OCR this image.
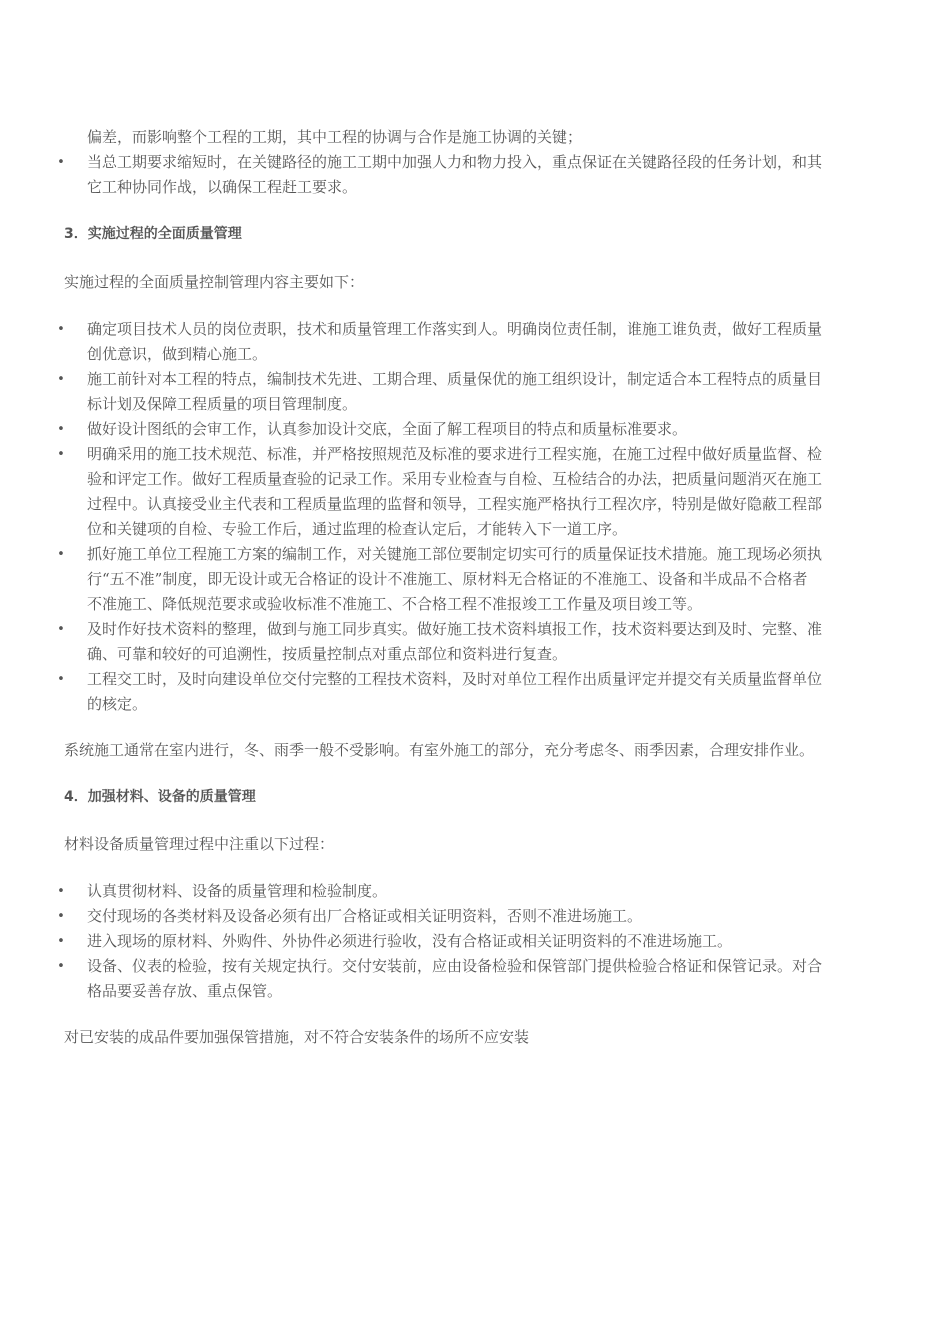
偏差，而影响整个工程的工期，其中工程的协调与合作是施工协调的关键；
• 当总工期要求缩短时，在关键路径的施工工期中加强人力和物力投入，重点保证在关键路径段的任务计划，和其
它工种协同作战，以确保工程赶工要求。
3．实施过程的全面质量管理
实施过程的全面质量控制管理内容主要如下：
• 确定项目技术人员的岗位责职，技术和质量管理工作落实到人。明确岗位责任制，谁施工谁负责，做好工程质量
创优意识，做到精心施工。
• 施工前针对本工程的特点，编制技术先进、工期合理、质量保优的施工组织设计，制定适合本工程特点的质量目
标计划及保障工程质量的项目管理制度。
• 做好设计图纸的会审工作，认真参加设计交底，全面了解工程项目的特点和质量标准要求。
• 明确采用的施工技术规范、标准，并严格按照规范及标准的要求进行工程实施，在施工过程中做好质量监督、检
验和评定工作。做好工程质量查验的记录工作。采用专业检查与自检、互检结合的办法，把质量问题消灭在施工
过程中。认真接受业主代表和工程质量监理的监督和领导，工程实施严格执行工程次序，特别是做好隐蔽工程部
位和关键项的自检、专验工作后，通过监理的检查认定后，才能转入下一道工序。
• 抓好施工单位工程施工方案的编制工作，对关键施工部位要制定切实可行的质量保证技术措施。施工现场必须执
行“五不准”制度，即无设计或无合格证的设计不准施工、原材料无合格证的不准施工、设备和半成品不合格者
不准施工、降低规范要求或验收标准不准施工、不合格工程不准报竣工工作量及项目竣工等。
• 及时作好技术资料的整理，做到与施工同步真实。做好施工技术资料填报工作，技术资料要达到及时、完整、准
确、可靠和较好的可追溯性，按质量控制点对重点部位和资料进行复查。
• 工程交工时，及时向建设单位交付完整的工程技术资料，及时对单位工程作出质量评定并提交有关质量监督单位
的核定。
系统施工通常在室内进行，冬、雨季一般不受影响。有室外施工的部分，充分考虑冬、雨季因素，合理安排作业。
4．加强材料、设备的质量管理
材料设备质量管理过程中注重以下过程：
• 认真贯彻材料、设备的质量管理和检验制度。
• 交付现场的各类材料及设备必须有出厂合格证或相关证明资料，否则不准进场施工。
• 进入现场的原材料、外购件、外协件必须进行验收，没有合格证或相关证明资料的不准进场施工。
• 设备、仪表的检验，按有关规定执行。交付安装前，应由设备检验和保管部门提供检验合格证和保管记录。对合
格品要妥善存放、重点保管。
对已安装的成品件要加强保管措施，对不符合安装条件的场所不应安装
